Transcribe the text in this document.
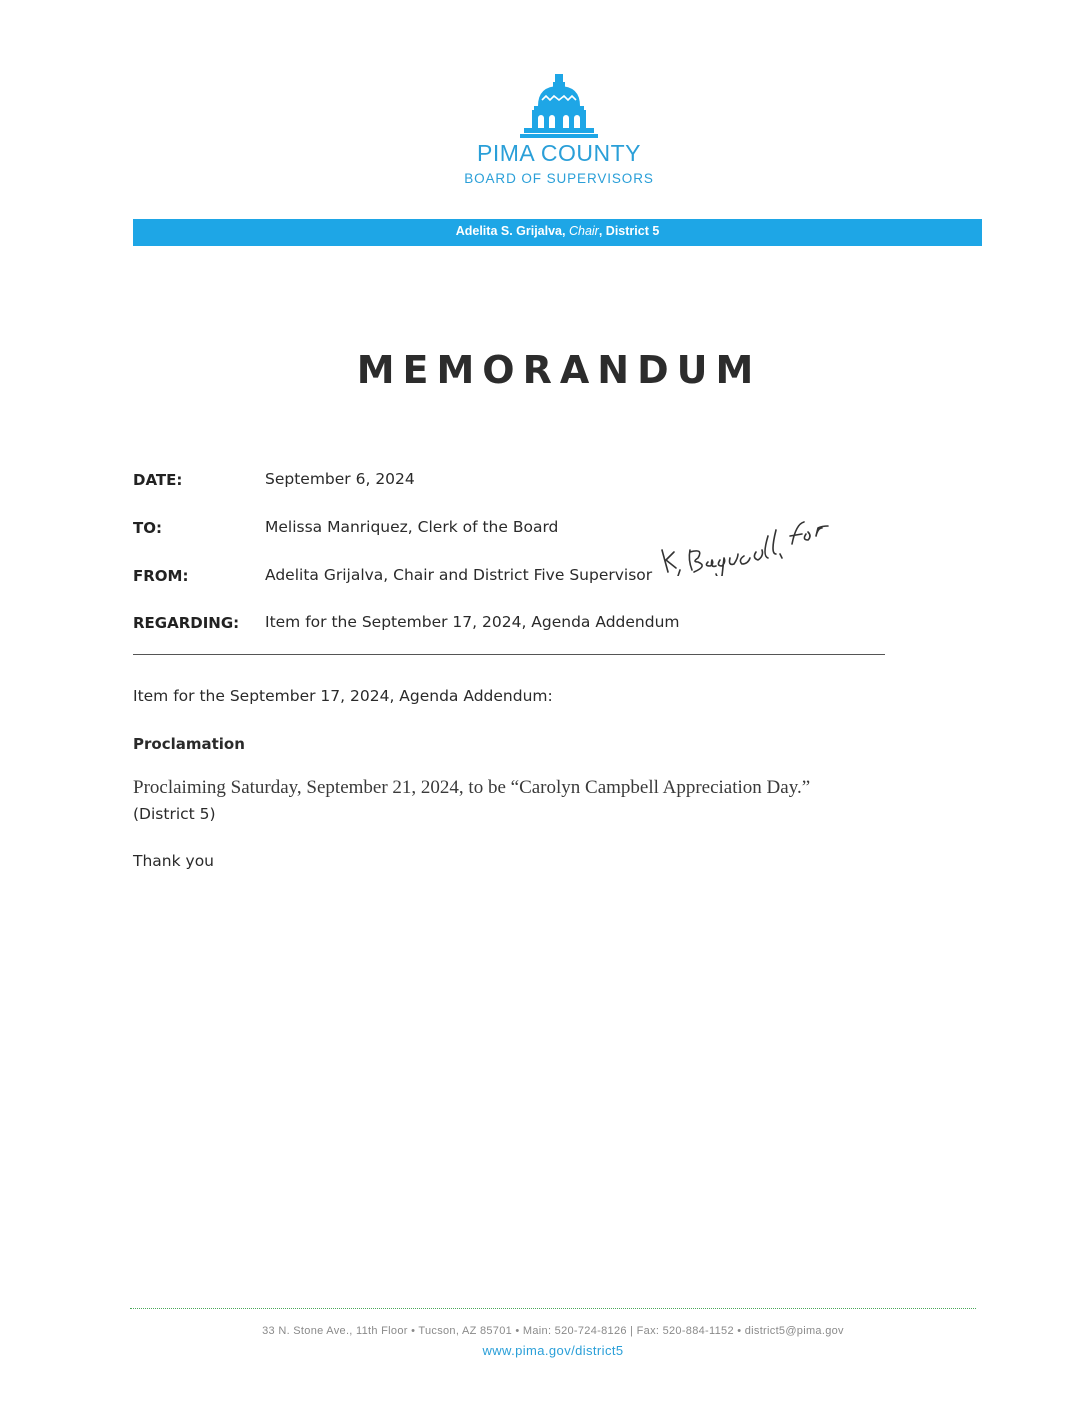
PIMA COUNTY
BOARD OF SUPERVISORS
Adelita S. Grijalva, Chair, District 5
MEMORANDUM
DATE:	September 6, 2024
TO:	Melissa Manriquez, Clerk of the Board
FROM:	Adelita Grijalva, Chair and District Five Supervisor
REGARDING: Item for the September 17, 2024, Agenda Addendum
Item for the September 17, 2024, Agenda Addendum:
Proclamation
Proclaiming Saturday, September 21, 2024, to be “Carolyn Campbell Appreciation Day.”
(District 5)
Thank you
33 N. Stone Ave., 11th Floor • Tucson, AZ 85701 • Main: 520-724-8126 | Fax: 520-884-1152 • district5@pima.gov
www.pima.gov/district5
